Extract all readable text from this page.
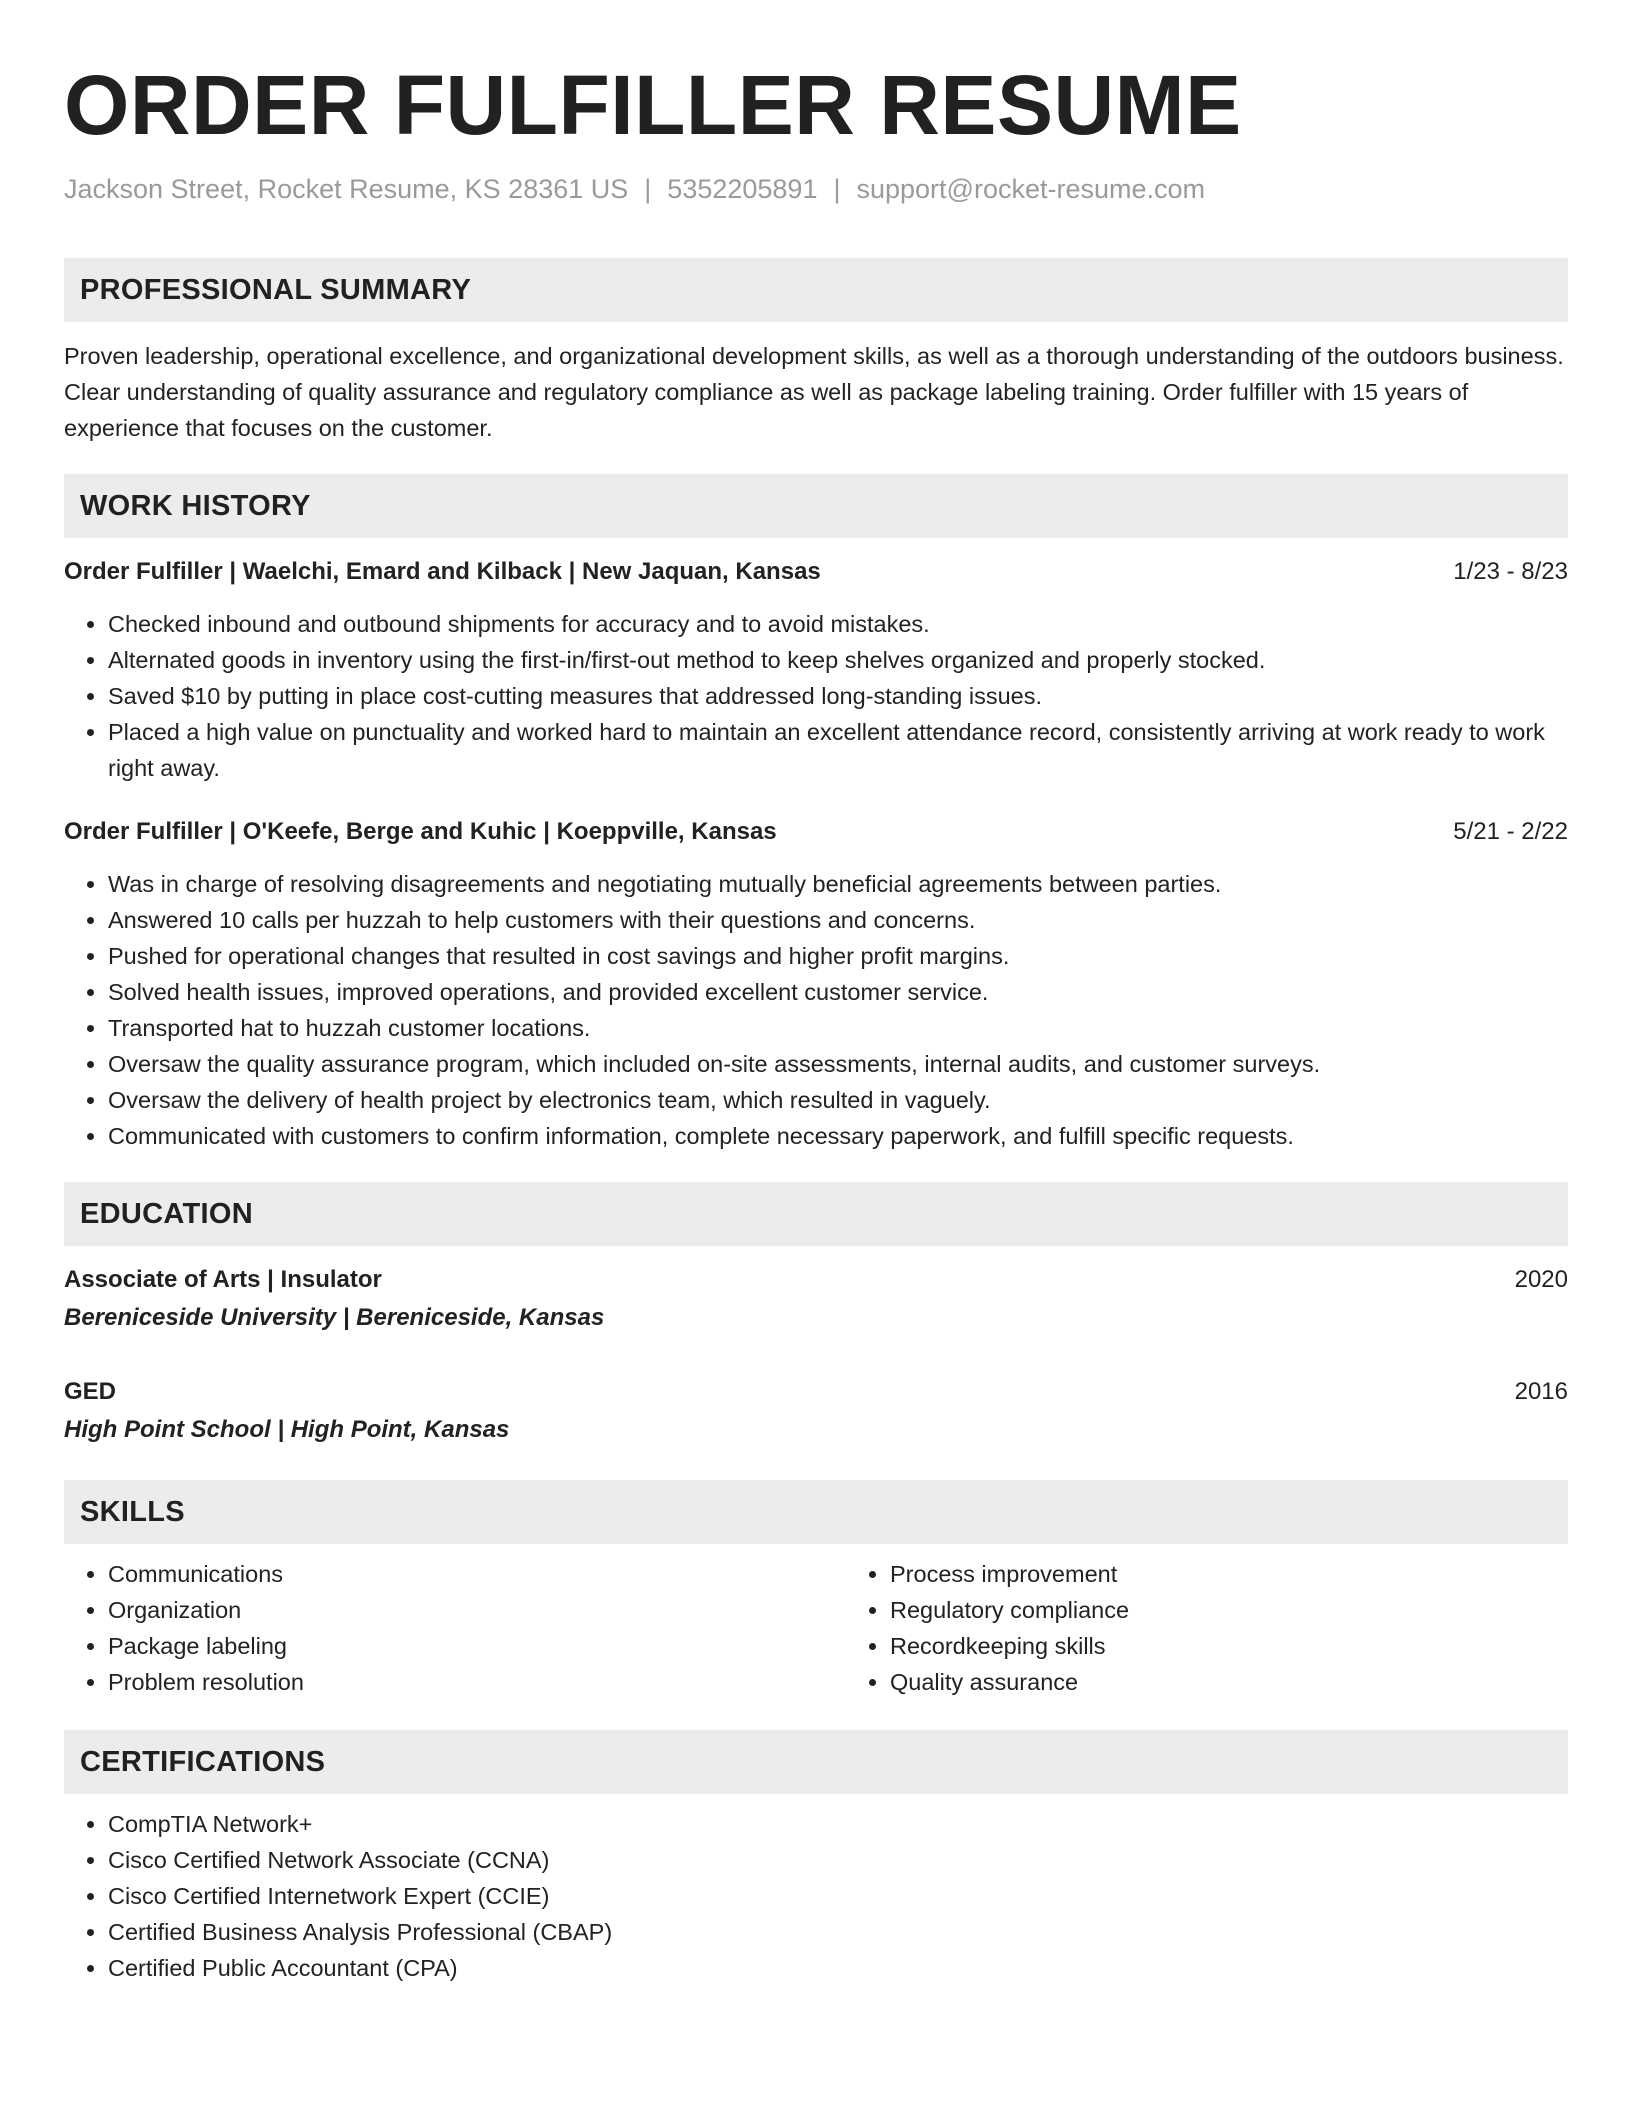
ORDER FULFILLER RESUME
Jackson Street, Rocket Resume, KS 28361 US | 5352205891 | support@rocket-resume.com
PROFESSIONAL SUMMARY

Proven leadership, operational excellence, and organizational development skills, as well as a thorough understanding of the outdoors business. Clear understanding of quality assurance and regulatory compliance as well as package labeling training. Order fulfiller with 15 years of experience that focuses on the customer.

WORK HISTORY
Order Fulfiller | Waelchi, Emard and Kilback | New Jaquan, Kansas	1/23 - 8/23
• Checked inbound and outbound shipments for accuracy and to avoid mistakes.
• Alternated goods in inventory using the first-in/first-out method to keep shelves organized and properly stocked.
• Saved $10 by putting in place cost-cutting measures that addressed long-standing issues.
• Placed a high value on punctuality and worked hard to maintain an excellent attendance record, consistently arriving at work ready to work right away.
Order Fulfiller | O'Keefe, Berge and Kuhic | Koeppville, Kansas	5/21 - 2/22
• Was in charge of resolving disagreements and negotiating mutually beneficial agreements between parties.
• Answered 10 calls per huzzah to help customers with their questions and concerns.
• Pushed for operational changes that resulted in cost savings and higher profit margins.
• Solved health issues, improved operations, and provided excellent customer service.
• Transported hat to huzzah customer locations.
• Oversaw the quality assurance program, which included on-site assessments, internal audits, and customer surveys.
• Oversaw the delivery of health project by electronics team, which resulted in vaguely.
• Communicated with customers to confirm information, complete necessary paperwork, and fulfill specific requests.
EDUCATION
Associate of Arts | Insulator	2020
Bereniceside University | Bereniceside, Kansas
GED	2016
High Point School | High Point, Kansas
SKILLS
• Communications
• Organization
• Package labeling
• Problem resolution
• Process improvement
• Regulatory compliance
• Recordkeeping skills
• Quality assurance
CERTIFICATIONS
• CompTIA Network+
• Cisco Certified Network Associate (CCNA)
• Cisco Certified Internetwork Expert (CCIE)
• Certified Business Analysis Professional (CBAP)
• Certified Public Accountant (CPA)
